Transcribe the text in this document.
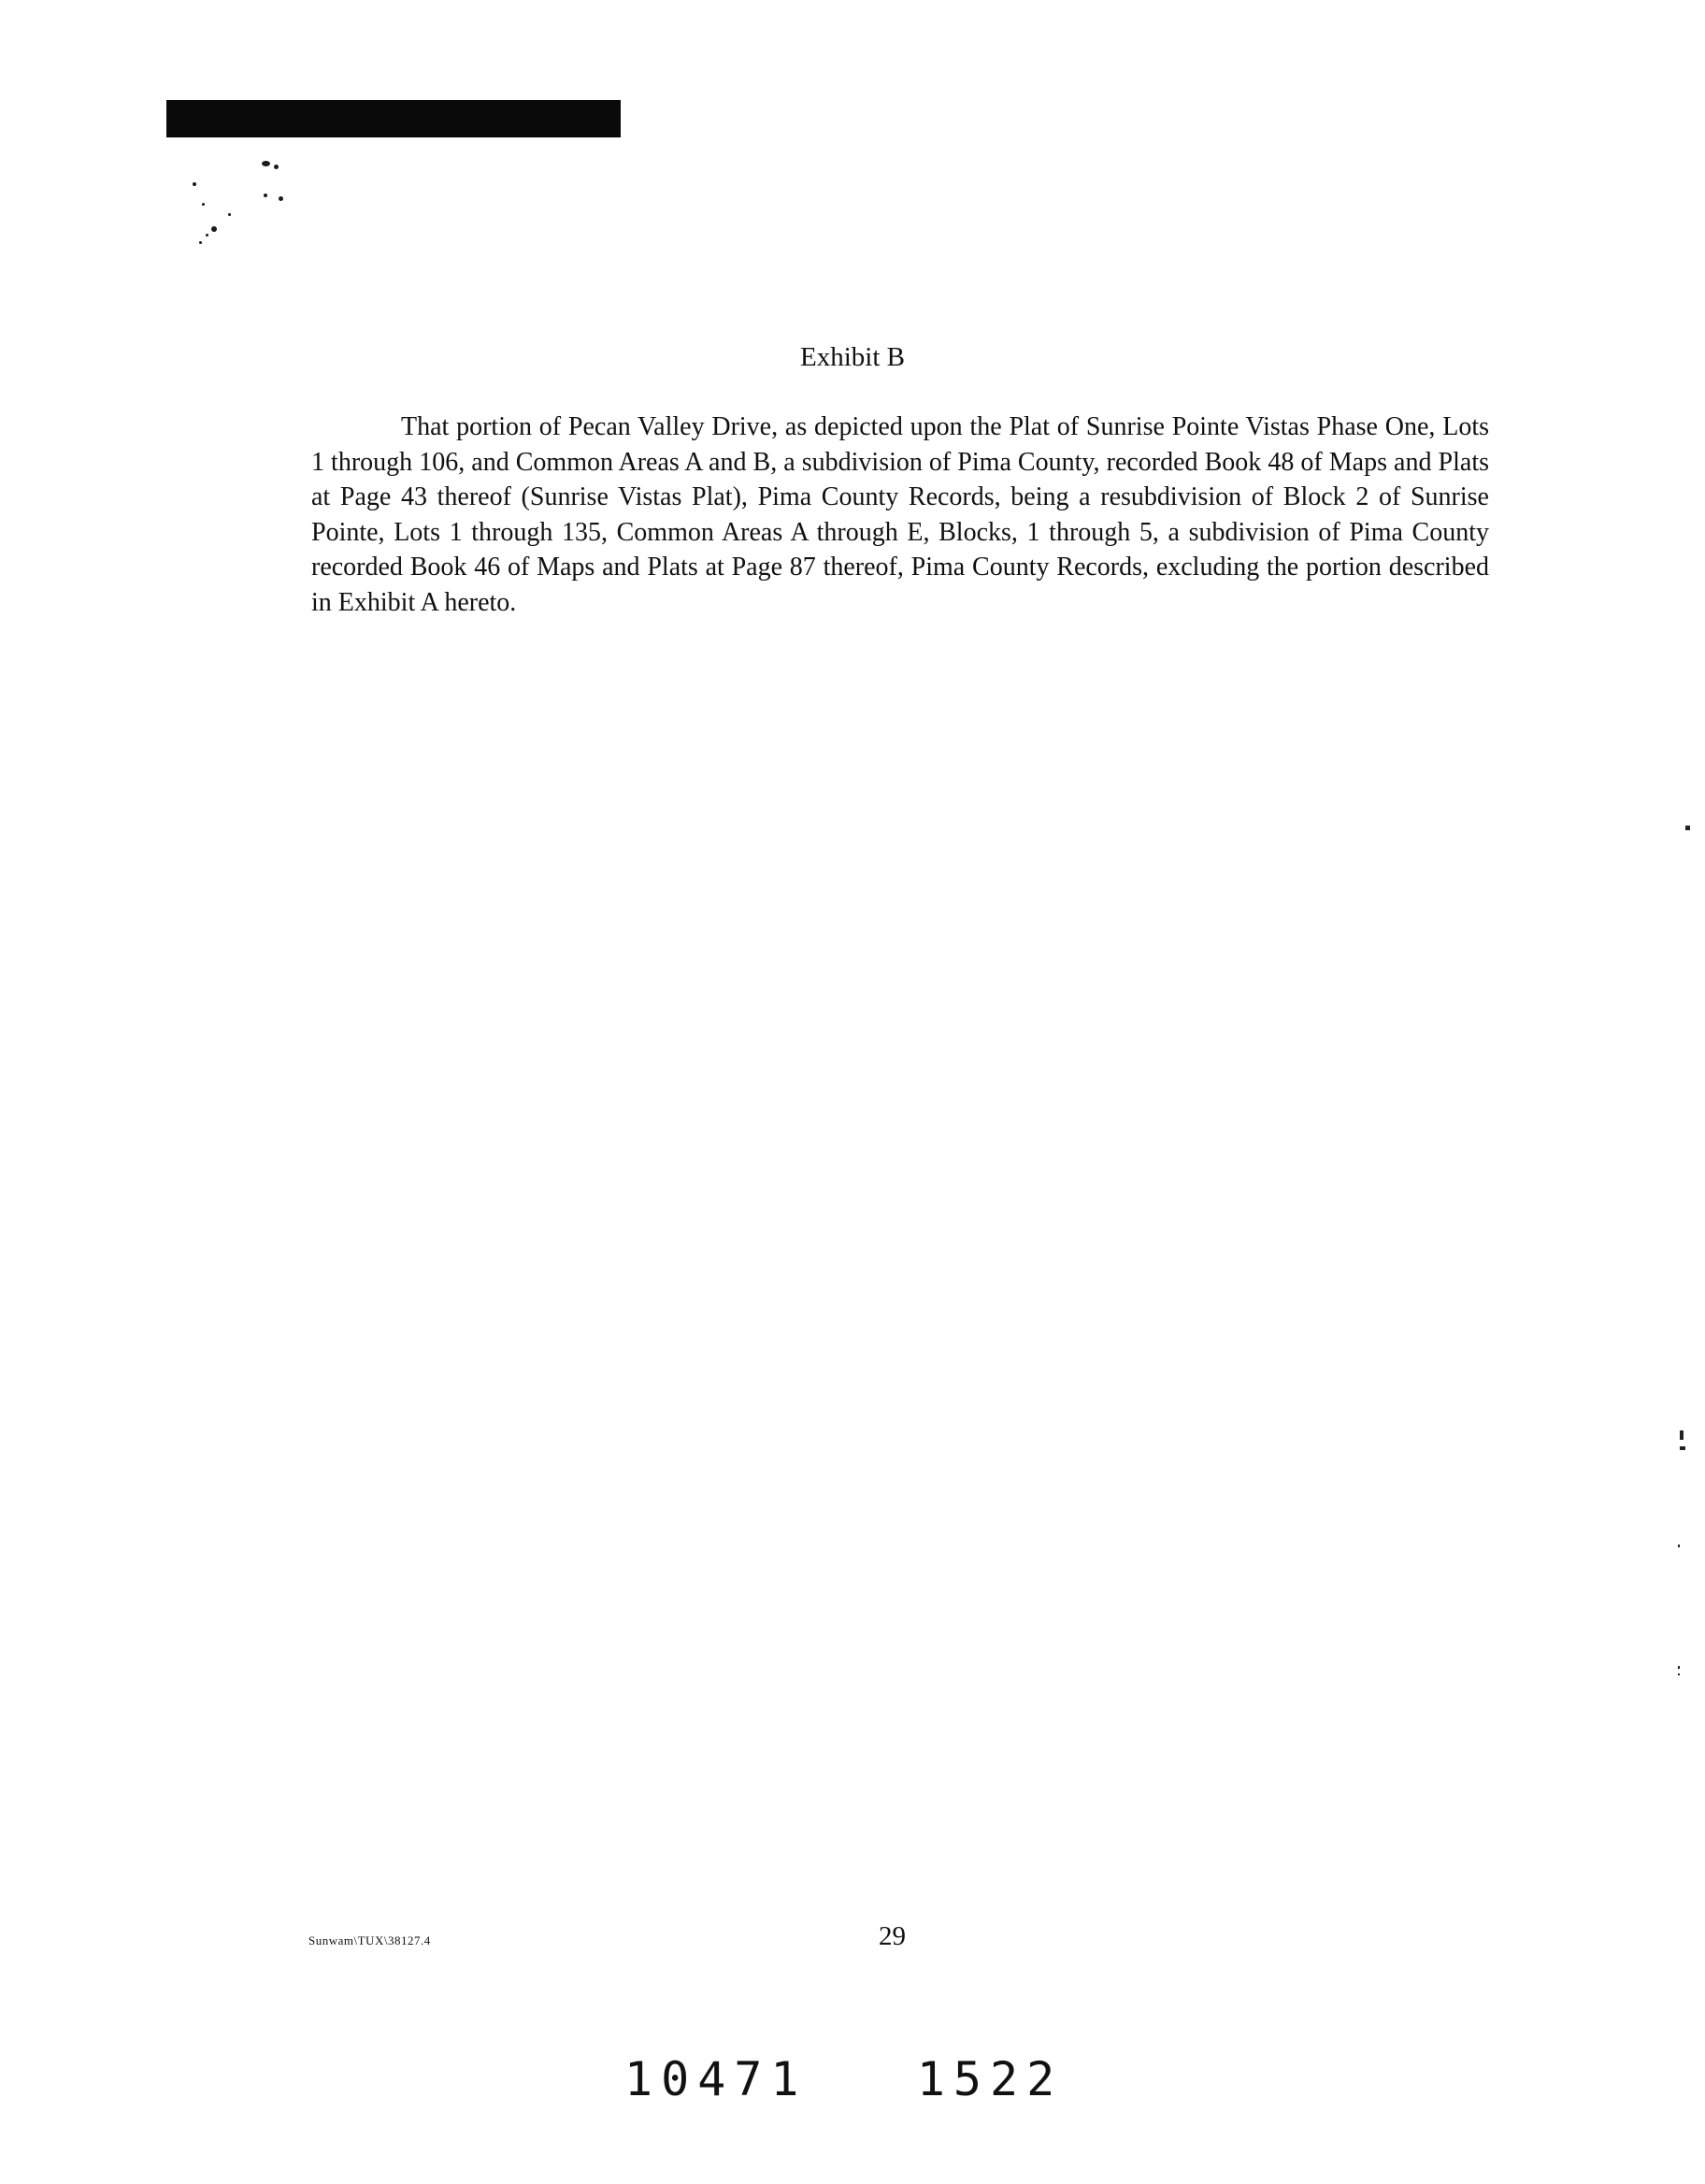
Exhibit B

That portion of Pecan Valley Drive, as depicted upon the Plat of Sunrise Pointe Vistas Phase One, Lots 1 through 106, and Common Areas A and B, a subdivision of Pima County, recorded Book 48 of Maps and Plats at Page 43 thereof (Sunrise Vistas Plat), Pima County Records, being a resubdivision of Block 2 of Sunrise Pointe, Lots 1 through 135, Common Areas A through E, Blocks, 1 through 5, a subdivision of Pima County recorded Book 46 of Maps and Plats at Page 87 thereof, Pima County Records, excluding the portion described in Exhibit A hereto.

Sunwam\TUX\38127.4	29
10471   1522
